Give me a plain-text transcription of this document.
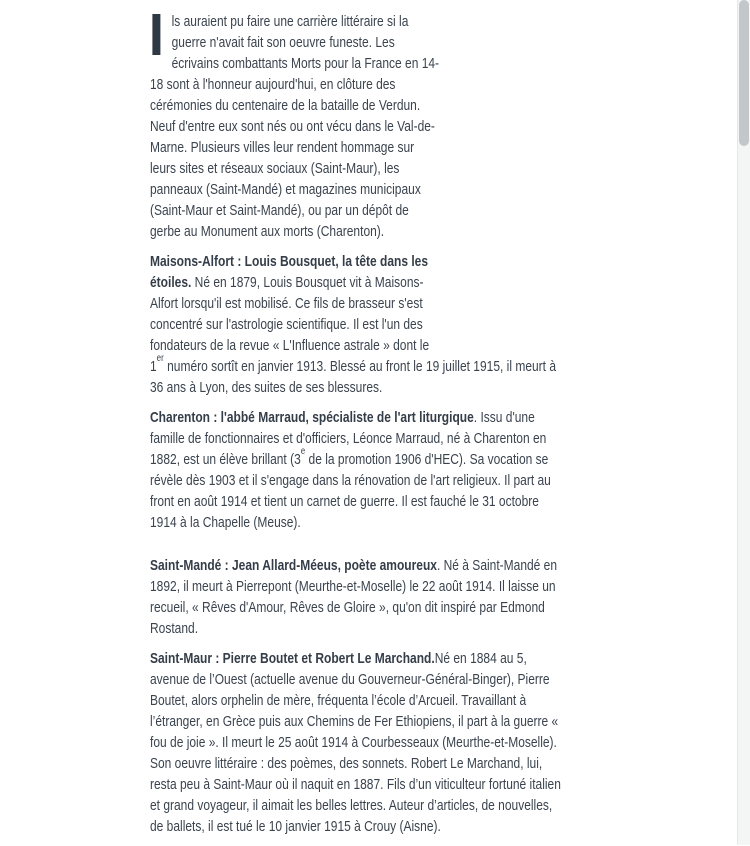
ls auraient pu faire une carrière littéraire si la guerre n'avait fait son oeuvre funeste. Les écrivains combattants Morts pour la France en 14-18 sont à l'honneur aujourd'hui, en clôture des cérémonies du centenaire de la bataille de Verdun. Neuf d'entre eux sont nés ou ont vécu dans le Val-de-Marne. Plusieurs villes leur rendent hommage sur leurs sites et réseaux sociaux (Saint-Maur), les panneaux (Saint-Mandé) et magazines municipaux (Saint-Maur et Saint-Mandé), ou par un dépôt de gerbe au Monument aux morts (Charenton).

Maisons-Alfort : Louis Bousquet, la tête dans les étoiles. Né en 1879, Louis Bousquet vit à Maisons-Alfort lorsqu'il est mobilisé. Ce fils de brasseur s'est concentré sur l'astrologie scientifique. Il est l'un des fondateurs de la revue « L'Influence astrale » dont le 1er numéro sortît en janvier 1913. Blessé au front le 19 juillet 1915, il meurt à 36 ans à Lyon, des suites de ses blessures.

Charenton : l'abbé Marraud, spécialiste de l'art liturgique. Issu d'une famille de fonctionnaires et d'officiers, Léonce Marraud, né à Charenton en 1882, est un élève brillant (3e de la promotion 1906 d'HEC). Sa vocation se révèle dès 1903 et il s'engage dans la rénovation de l'art religieux. Il part au front en août 1914 et tient un carnet de guerre. Il est fauché le 31 octobre 1914 à la Chapelle (Meuse).

Saint-Mandé : Jean Allard-Méeus, poète amoureux. Né à Saint-Mandé en 1892, il meurt à Pierrepont (Meurthe-et-Moselle) le 22 août 1914. Il laisse un recueil, « Rêves d'Amour, Rêves de Gloire », qu'on dit inspiré par Edmond Rostand.

Saint-Maur : Pierre Boutet et Robert Le Marchand.Né en 1884 au 5, avenue de l’Ouest (actuelle avenue du Gouverneur-Général-Binger), Pierre Boutet, alors orphelin de mère, fréquenta l’école d’Arcueil. Travaillant à l’étranger, en Grèce puis aux Chemins de Fer Ethiopiens, il part à la guerre « fou de joie ». Il meurt le 25 août 1914 à Courbesseaux (Meurthe-et-Moselle). Son oeuvre littéraire : des poèmes, des sonnets. Robert Le Marchand, lui, resta peu à Saint-Maur où il naquit en 1887. Fils d’un viticulteur fortuné italien et grand voyageur, il aimait les belles lettres. Auteur d’articles, de nouvelles, de ballets, il est tué le 10 janvier 1915 à Crouy (Aisne).
